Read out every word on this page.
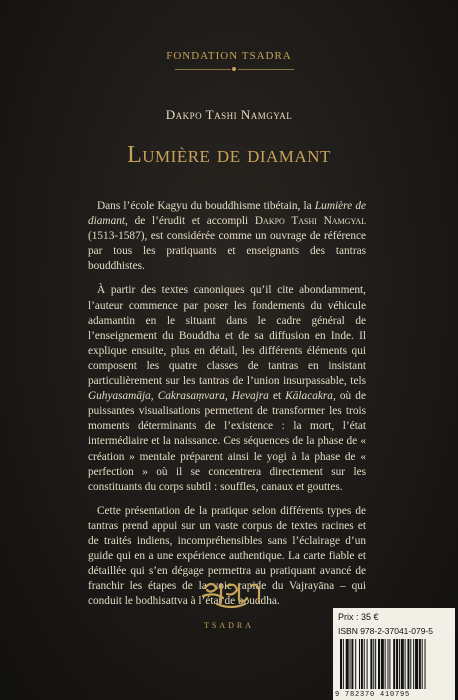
FONDATION TSADRA
Dakpo Tashi Namgyal
Lumière de diamant

Dans l’école Kagyu du bouddhisme tibétain, la Lumière de diamant, de l’érudit et accompli Dakpo Tashi Namgyal (1513-1587), est considérée comme un ouvrage de référence par tous les pratiquants et enseignants des tantras bouddhistes.

À partir des textes canoniques qu’il cite abondamment, l’auteur commence par poser les fondements du véhicule adamantin en le situant dans le cadre général de l’enseignement du Bouddha et de sa diffusion en Inde. Il explique ensuite, plus en détail, les différents éléments qui composent les quatre classes de tantras en insistant particulièrement sur les tantras de l’union insurpassable, tels Guhyasamāja, Cakrasaṃvara, Hevajra et Kālacakra, où de puissantes visualisations permettent de transformer les trois moments déterminants de l’existence : la mort, l’état intermédiaire et la naissance. Ces séquences de la phase de « création » mentale préparent ainsi le yogi à la phase de « perfection » où il se concentrera directement sur les constituants du corps subtil : souffles, canaux et gouttes.

Cette présentation de la pratique selon différents types de tantras prend appui sur un vaste corpus de textes racines et de traités indiens, incompréhensibles sans l’éclairage d’un guide qui en a une expérience authentique. La carte fiable et détaillée qui s’en dégage permettra au pratiquant avancé de franchir les étapes de la voie rapide du Vajrayāna – qui conduit le bodhisattva à l’état de bouddha.

TSADRA
Prix : 35 €
ISBN 978-2-37041-079-5
9 782370 410795
